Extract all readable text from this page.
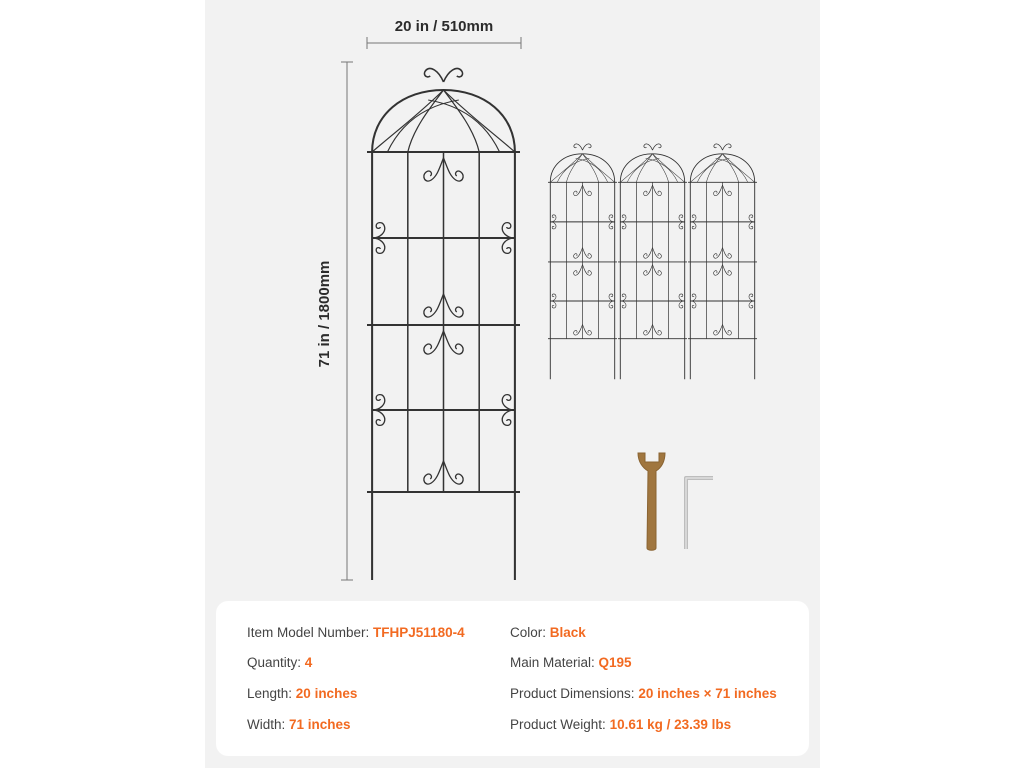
20 in / 510mm
71 in / 1800mm
Item Model Number: TFHPJ51180-4	Color: Black
Quantity: 4	Main Material: Q195
Length: 20 inches	Product Dimensions: 20 inches × 71 inches
Width: 71 inches	Product Weight: 10.61 kg / 23.39 lbs
